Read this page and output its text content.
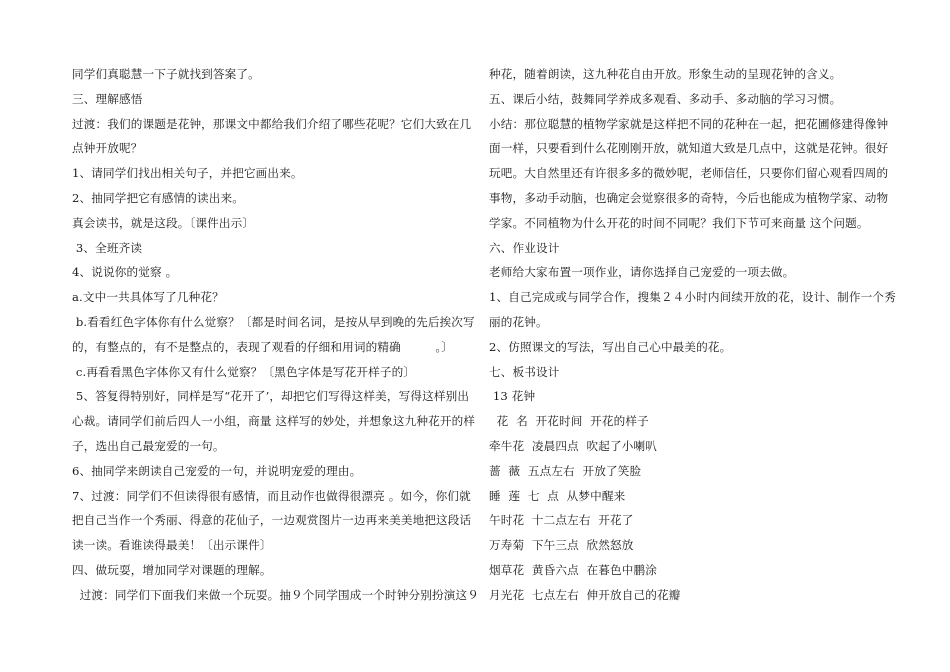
同学们真聪慧一下子就找到答案了。
三、理解感悟
过渡：我们的课题是花钟，那课文中都给我们介绍了哪些花呢？它们大致在几
点钟开放呢？
1、请同学们找出相关句子，并把它画出来。
2、抽同学把它有感情的读出来。
真会读书，就是这段。〔课件出示〕
3、全班齐读
4、说说你的觉察 。
a.文中一共具体写了几种花？
b.看看红色字体你有什么觉察？〔都是时间名词，是按从早到晚的先后挨次写
的，有整点的，有不是整点的，表现了观看的仔细和用词的精确         。〕
c.再看看黑色字体你又有什么觉察？〔黑色字体是写花开样子的〕
5、答复得特别好，同样是写“花开了’，却把它们写得这样美，写得这样别出
心裁。请同学们前后四人一小组，商量 这样写的妙处，并想象这九种花开的样
子，选出自己最宠爱的一句。
6、抽同学来朗读自己宠爱的一句，并说明宠爱的理由。
7、过渡：同学们不但读得很有感情，而且动作也做得很漂亮 。如今，你们就
把自己当作一个秀丽、得意的花仙子，一边观赏图片一边再来美美地把这段话
读一读。看谁读得最美！〔出示课件〕
四、做玩耍，增加同学对课题的理解。
过渡：同学们下面我们来做一个玩耍。抽９个同学围成一个时钟分别扮演这９
种花，随着朗读，这九种花自由开放。形象生动的呈现花钟的含义。
五、课后小结，鼓舞同学养成多观看、多动手、多动脑的学习习惯。
小结：那位聪慧的植物学家就是这样把不同的花种在一起，把花圃修建得像钟
面一样，只要看到什么花刚刚开放，就知道大致是几点中，这就是花钟。很好
玩吧。大自然里还有许很多多的微妙呢，老师信任，只要你们留心观看四周的
事物，多动手动脑，也确定会觉察很多的奇特，今后也能成为植物学家、动物
学家。不同植物为什么开花的时间不同呢？我们下节可来商量 这个问题。
六、作业设计
老师给大家布置一项作业，请你选择自己宠爱的一项去做。
1、自己完成或与同学合作，搜集２４小时内间续开放的花，设计、制作一个秀
丽的花钟。
2、仿照课文的写法，写出自己心中最美的花。
七、板书设计
13 花钟
花  名  开花时间  开花的样子
牵牛花  凌晨四点  吹起了小喇叭
蔷  薇  五点左右  开放了笑脸
睡  莲  七  点  从梦中醒来
午时花  十二点左右  开花了
万寿菊  下午三点  欣然怒放
烟草花  黄昏六点  在暮色中鹏涂
月光花  七点左右  伸开放自己的花瓣
